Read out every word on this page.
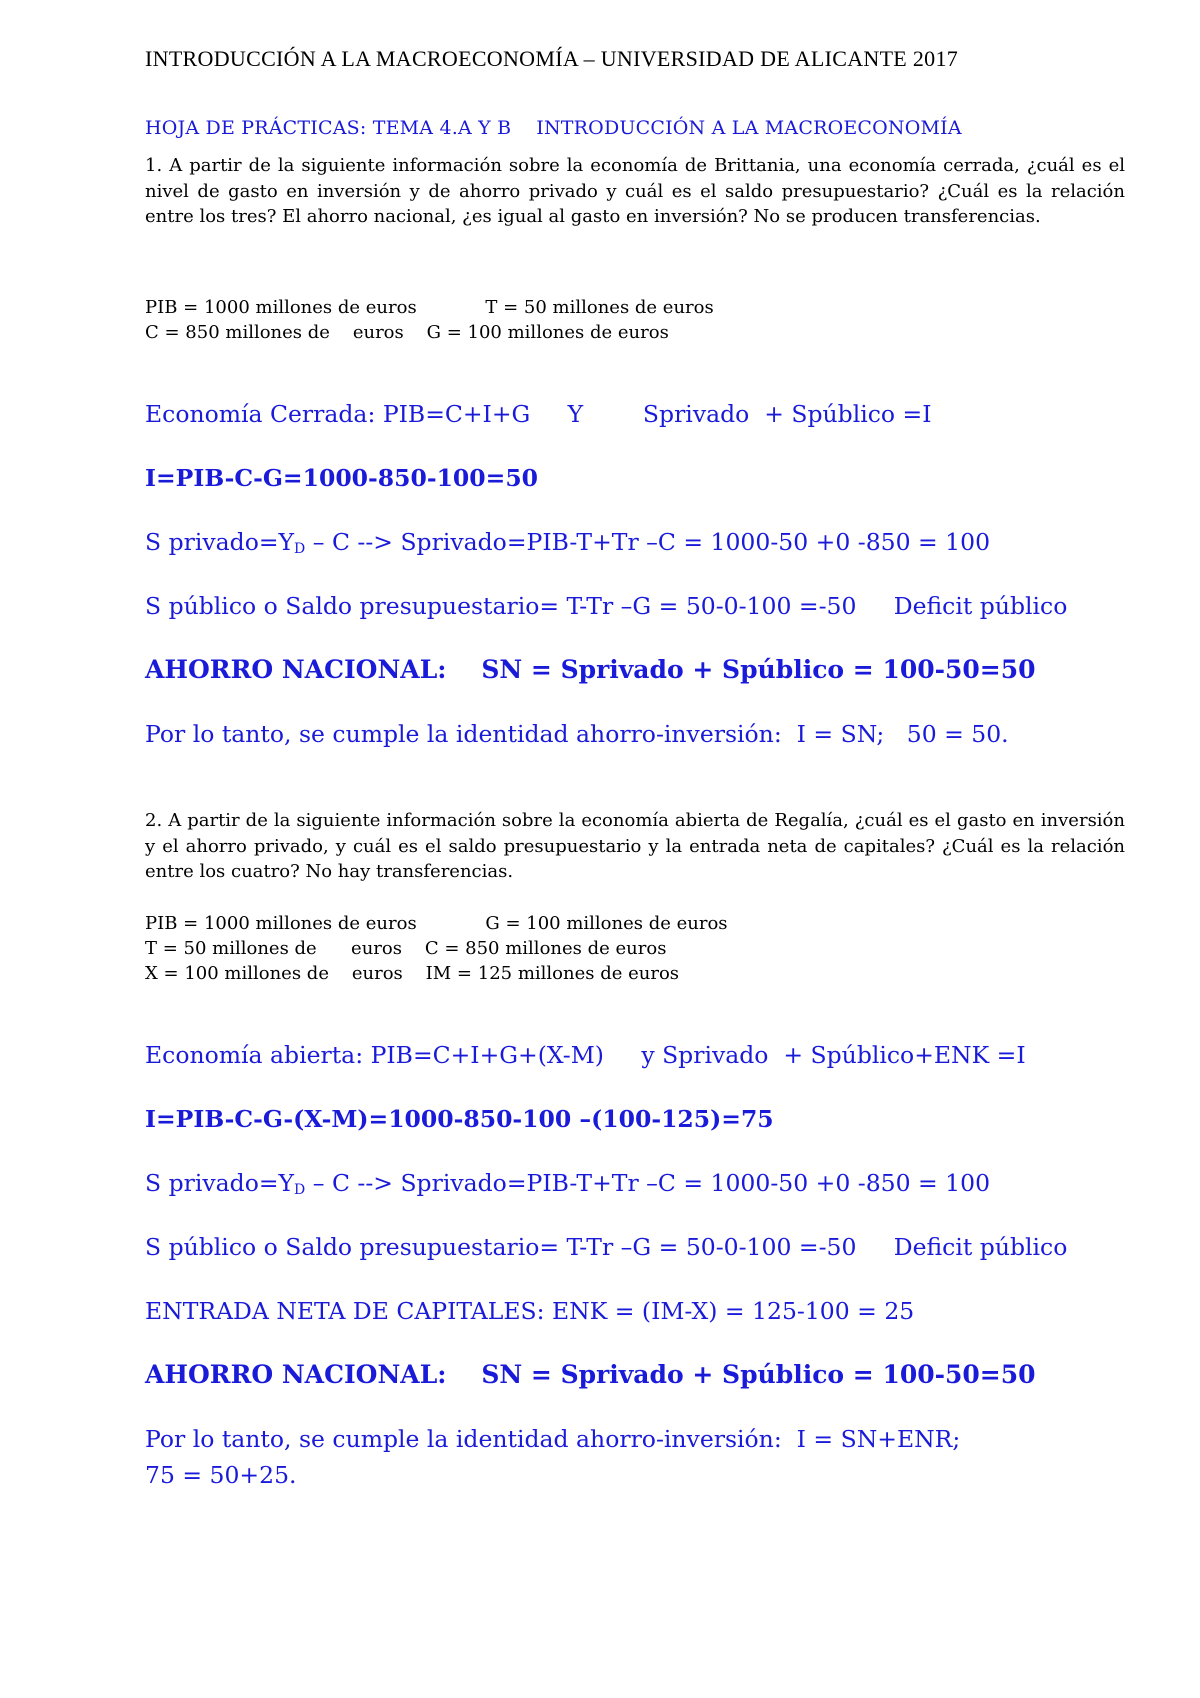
INTRODUCCIÓN A LA MACROECONOMÍA – UNIVERSIDAD DE ALICANTE 2017
HOJA DE PRÁCTICAS: TEMA 4.A Y B    INTRODUCCIÓN A LA MACROECONOMÍA
1. A partir de la siguiente información sobre la economía de Brittania, una economía cerrada, ¿cuál es el nivel de gasto en inversión y de ahorro privado y cuál es el saldo presupuestario? ¿Cuál es la relación entre los tres? El ahorro nacional, ¿es igual al gasto en inversión? No se producen transferencias.
PIB = 1000 millones de euros            T = 50 millones de euros
C = 850 millones de    euros    G = 100 millones de euros
Economía Cerrada: PIB=C+I+G     Y        Sprivado  + Spúblico =I
I=PIB-C-G=1000-850-100=50
S $privado=Y_D - C$ --> Sprivado=PIB-T+Tr –C = 1000-50 +0 -850 = 100
S público o Saldo presupuestario= T-Tr –G = 50-0-100 =-50     Deficit público
AHORRO NACIONAL:    SN = Sprivado + Spúblico = 100-50=50
Por lo tanto, se cumple la identidad ahorro-inversión:  I = SN;   50 = 50.
2. A partir de la siguiente información sobre la economía abierta de Regalía, ¿cuál es el gasto en inversión y el ahorro privado, y cuál es el saldo presupuestario y la entrada neta de capitales? ¿Cuál es la relación entre los cuatro? No hay transferencias.
PIB = 1000 millones de euros            G = 100 millones de euros
T = 50 millones de      euros    C = 850 millones de euros
X = 100 millones de    euros    IM = 125 millones de euros
Economía abierta: PIB=C+I+G+(X-M)     y Sprivado  + Spúblico+ENK =I
I=PIB-C-G-(X-M)=1000-850-100 –(100-125)=75
S $privado=Y_D - C$ --> Sprivado=PIB-T+Tr –C = 1000-50 +0 -850 = 100
S público o Saldo presupuestario= T-Tr –G = 50-0-100 =-50     Deficit público
ENTRADA NETA DE CAPITALES: ENK = (IM-X) = 125-100 = 25
AHORRO NACIONAL:    SN = Sprivado + Spúblico = 100-50=50
Por lo tanto, se cumple la identidad ahorro-inversión:  I = SN+ENR;
75 = 50+25.
